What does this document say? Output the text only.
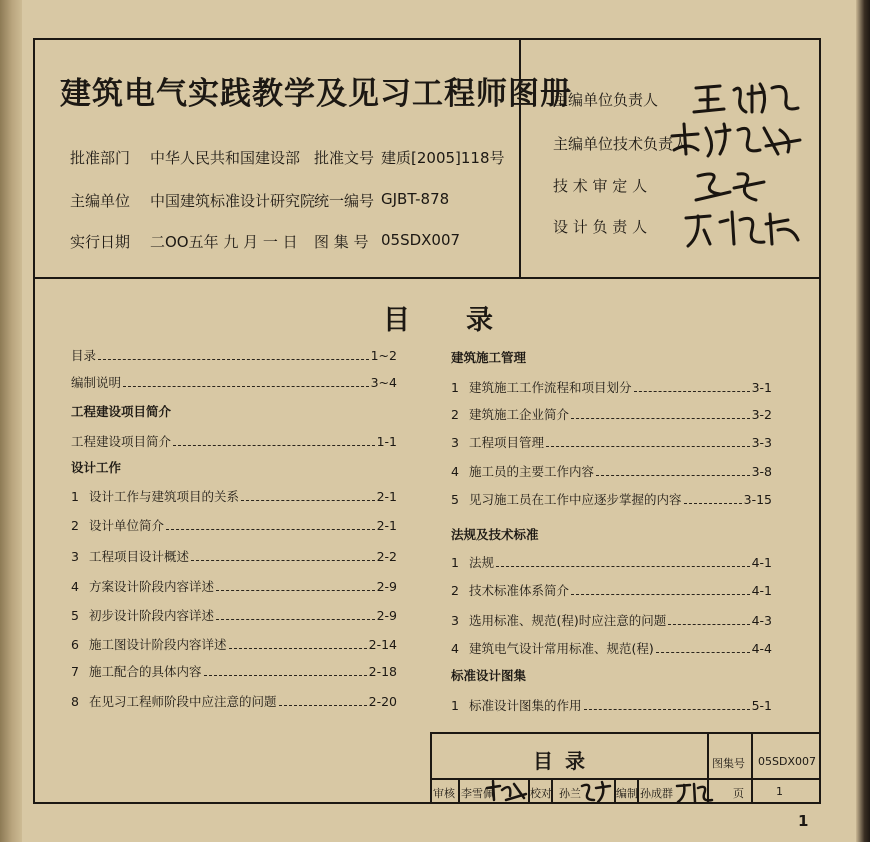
建筑电气实践教学及见习工程师图册
批准部门 中华人民共和国建设部 批准文号 建质[2005]118号
主编单位 中国建筑标准设计研究院
统一编号 GJBT-878
实行日期 二OO五年 九 月 一 日 图 集 号 05SDX007
主编单位负责人
主编单位技术负责人
技 术 审 定 人
设 计 负 责 人
目 录
目录	1~2
编制说明	3~4
工程建设项目简介
工程建设项目简介	1-1
设计工作
1 设计工作与建筑项目的关系	2-1
2 设计单位简介	2-1
3 工程项目设计概述	2-2
4 方案设计阶段内容详述	2-9
5 初步设计阶段内容详述	2-9
6 施工图设计阶段内容详述	2-14
7 施工配合的具体内容	2-18
8 在见习工程师阶段中应注意的问题	2-20
建筑施工管理
1 建筑施工工作流程和项目划分	3-1
2 建筑施工企业简介	3-2
3 工程项目管理	3-3
4 施工员的主要工作内容	3-8
5 见习施工员在工作中应逐步掌握的内容	3-15
法规及技术标准
1 法规	4-1
2 技术标准体系简介	4-1
3 选用标准、规范(程)时应注意的问题	4-3
4 建筑电气设计常用标准、规范(程)	4-4
标准设计图集
1 标准设计图集的作用	5-1
目录	图集号 05SDX007
审核 李雪佩	校对 孙兰	编制 孙成群	页	1
1
